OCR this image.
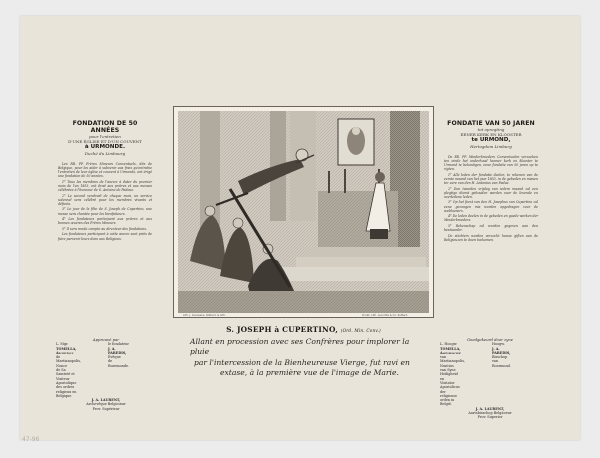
FONDATION DE 50 ANNÉES
pour l'entretien
D'UNE ÉGLISE ET D'UN COUVENT
à URMONDE.
Duché du Limbourg
Les RR. PP. Frères Mineurs Conventuels, dits de Belgique, pour les aider à subvenir aux frais qu'entraîne l'entretien de leur église et couvent à Urmonde, ont érigé une fondation de 50 années.
1° Tous les membres de l'œuvre à dater du premier mois de l'an 1853, ont droit aux prières et aux messes célébrées à l'honneur de S. Antoine de Padoue.
2° Le second vendredi de chaque mois, un service solennel sera célébré pour les membres vivants et défunts.
3° Le jour de la fête de S. Joseph de Cupertino, une messe sera chantée pour les bienfaiteurs.
4° Les fondateurs participent aux prières et aux bonnes œuvres des Frères Mineurs.
5° Il sera rendu compte au directeur des fondations.
Les fondateurs participant à cette œuvre sont priés de faire parvenir leurs dons aux Religieux.
FONDATIE VAN 50 JAREN
tot opregting
EENER KERK EN KLOOSTER
te URMOND,
Hertogdom Limburg
De EE. PP. Minderbroeders Conventuelen verzoeken ten einde het onderhoud hunner kerk en klooster te Urmond te bekostigen, eene fondatie van 50 jaren op te rigten.
1° Alle leden der fondatie deelen, te rekenen van de eerste maand van het jaar 1853, in de gebeden en missen ter eere van den H. Antonius van Padua.
2° Den tweeden vrijdag van iedere maand zal een plegtige dienst gehouden worden voor de levende en overledene leden.
3° Op het feest van den H. Josephus van Cupertino zal eene gezongen mis worden opgedragen voor de weldoeners.
4° De leden deelen in de gebeden en goede werken der Minderbroeders.
5° Rekenschap zal worden gegeven aan den bestuurder.
De stichters worden verzocht hunne giften aan de Religieuzen te doen toekomen.
Approuvé par
L. Mgr.
TOMELLA, Archevêque
de Martianopolis, Nonce
de Sa Sainteté et Visiteur
Apostolique des ordres
religieux en Belgique.
le fondateur
J. A. PAREDIS,
Évêque
de Ruremonde.
J. A. LAURENT,
Archevêque Belgicœur
Prov. Supérieur
Goedgekeurd door zyne
L. Hoogw.
TOMELLA, Aartsbisschop
van Martianopolis, Nuntius
van Syne Heiligheid en
Visitator Apostolicus der
religieuse orden in België.
Hoogw.
J. A. PAREDIS,
Bisschop
van Roermond.
J. A. LAURENT,
Aartsbisschop Belgicœur
Prov. Superior
Lith. J. Goossens, Rotterd. & Lith.	Drukk. Lith. Lecomte & Co. Rotterd.
S. JOSEPH à CUPERTINO, (Ord. Min. Conv.)
Allant en procession avec ses Confrères pour implorer la pluie
par l'intercession de la Bienheureuse Vierge, fut ravi en
extase, à la première vue de l'image de Marie.
47-96
